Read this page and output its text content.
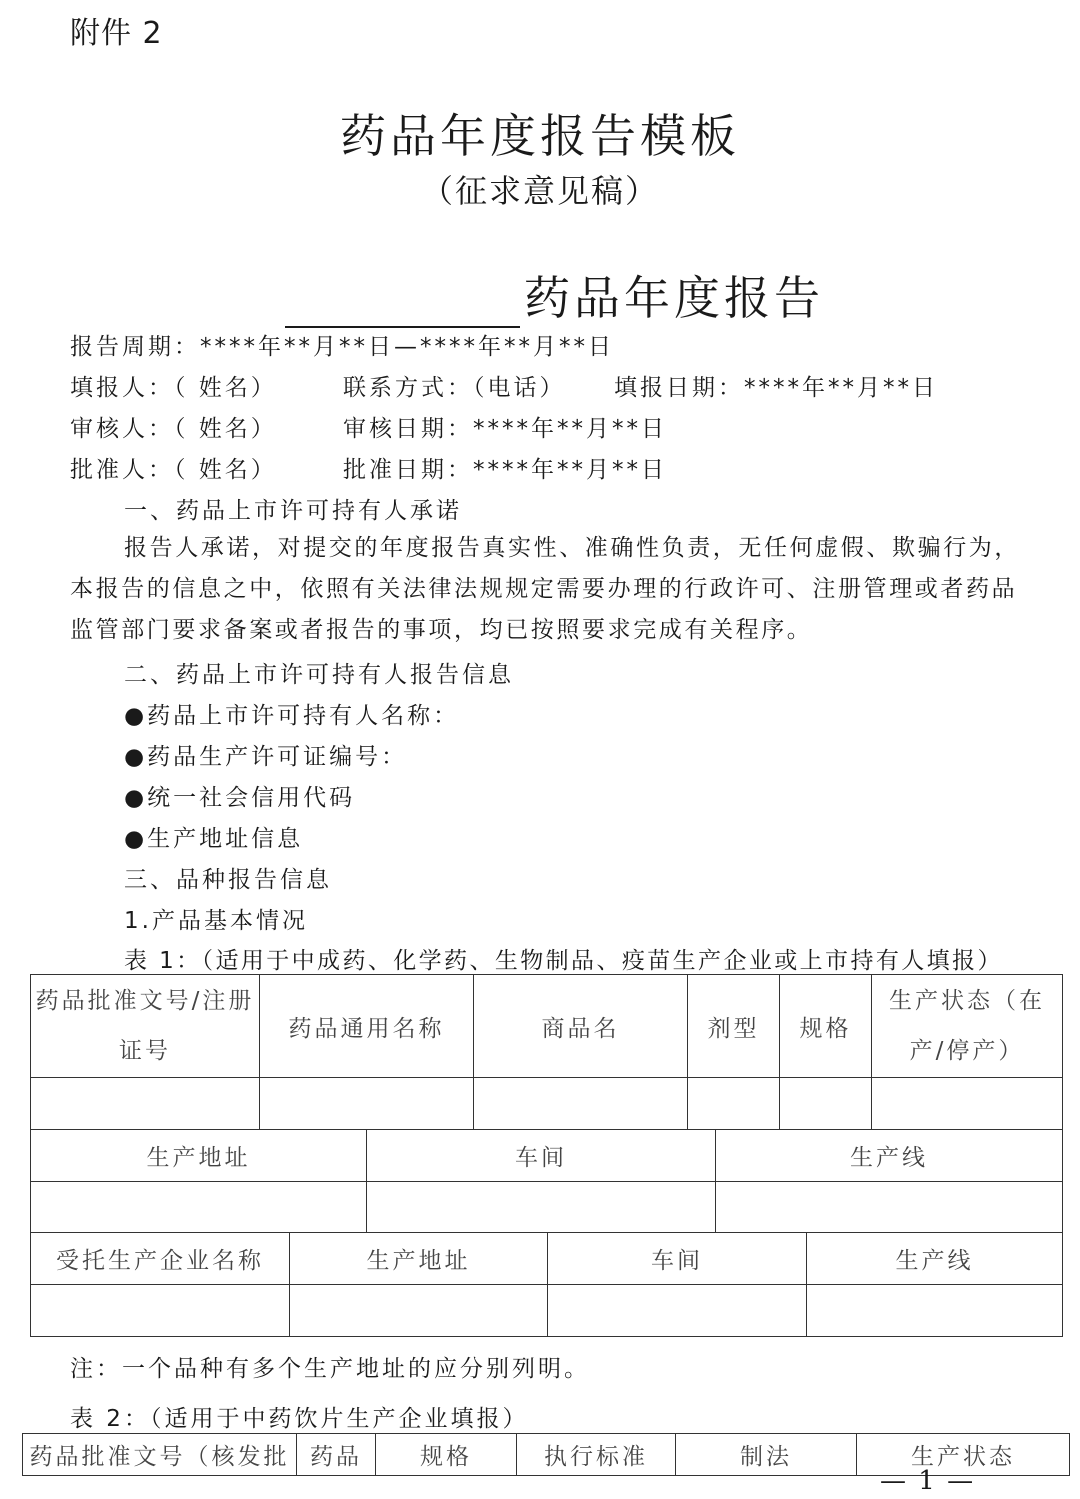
附件 2
药品年度报告模板
（征求意见稿）
药品年度报告
报告周期：****年**月**日—****年**月**日
填报人：（ 姓名）	联系方式：（电话） 填报日期：****年**月**日
审核人：（ 姓名）	审核日期：****年**月**日
批准人：（ 姓名）	批准日期：****年**月**日
一、药品上市许可持有人承诺
报告人承诺，对提交的年度报告真实性、准确性负责，无任何虚假、欺骗行为，本报告的信息之中，依照有关法律法规规定需要办理的行政许可、注册管理或者药品监管部门要求备案或者报告的事项，均已按照要求完成有关程序。
二、药品上市许可持有人报告信息
●药品上市许可持有人名称：
●药品生产许可证编号：
●统一社会信用代码
●生产地址信息
三、品种报告信息
1.产品基本情况
表 1：（适用于中成药、化学药、生物制品、疫苗生产企业或上市持有人填报）
药品批准文号/注册证号	药品通用名称	商品名	剂型	规格	生产状态（在产/停产）

生产地址	车间	生产线

受托生产企业名称	生产地址	车间	生产线

注：一个品种有多个生产地址的应分别列明。
表 2：（适用于中药饮片生产企业填报）
药品批准文号（核发批	药品	规格	执行标准	制法	生产状态
— 1 —
